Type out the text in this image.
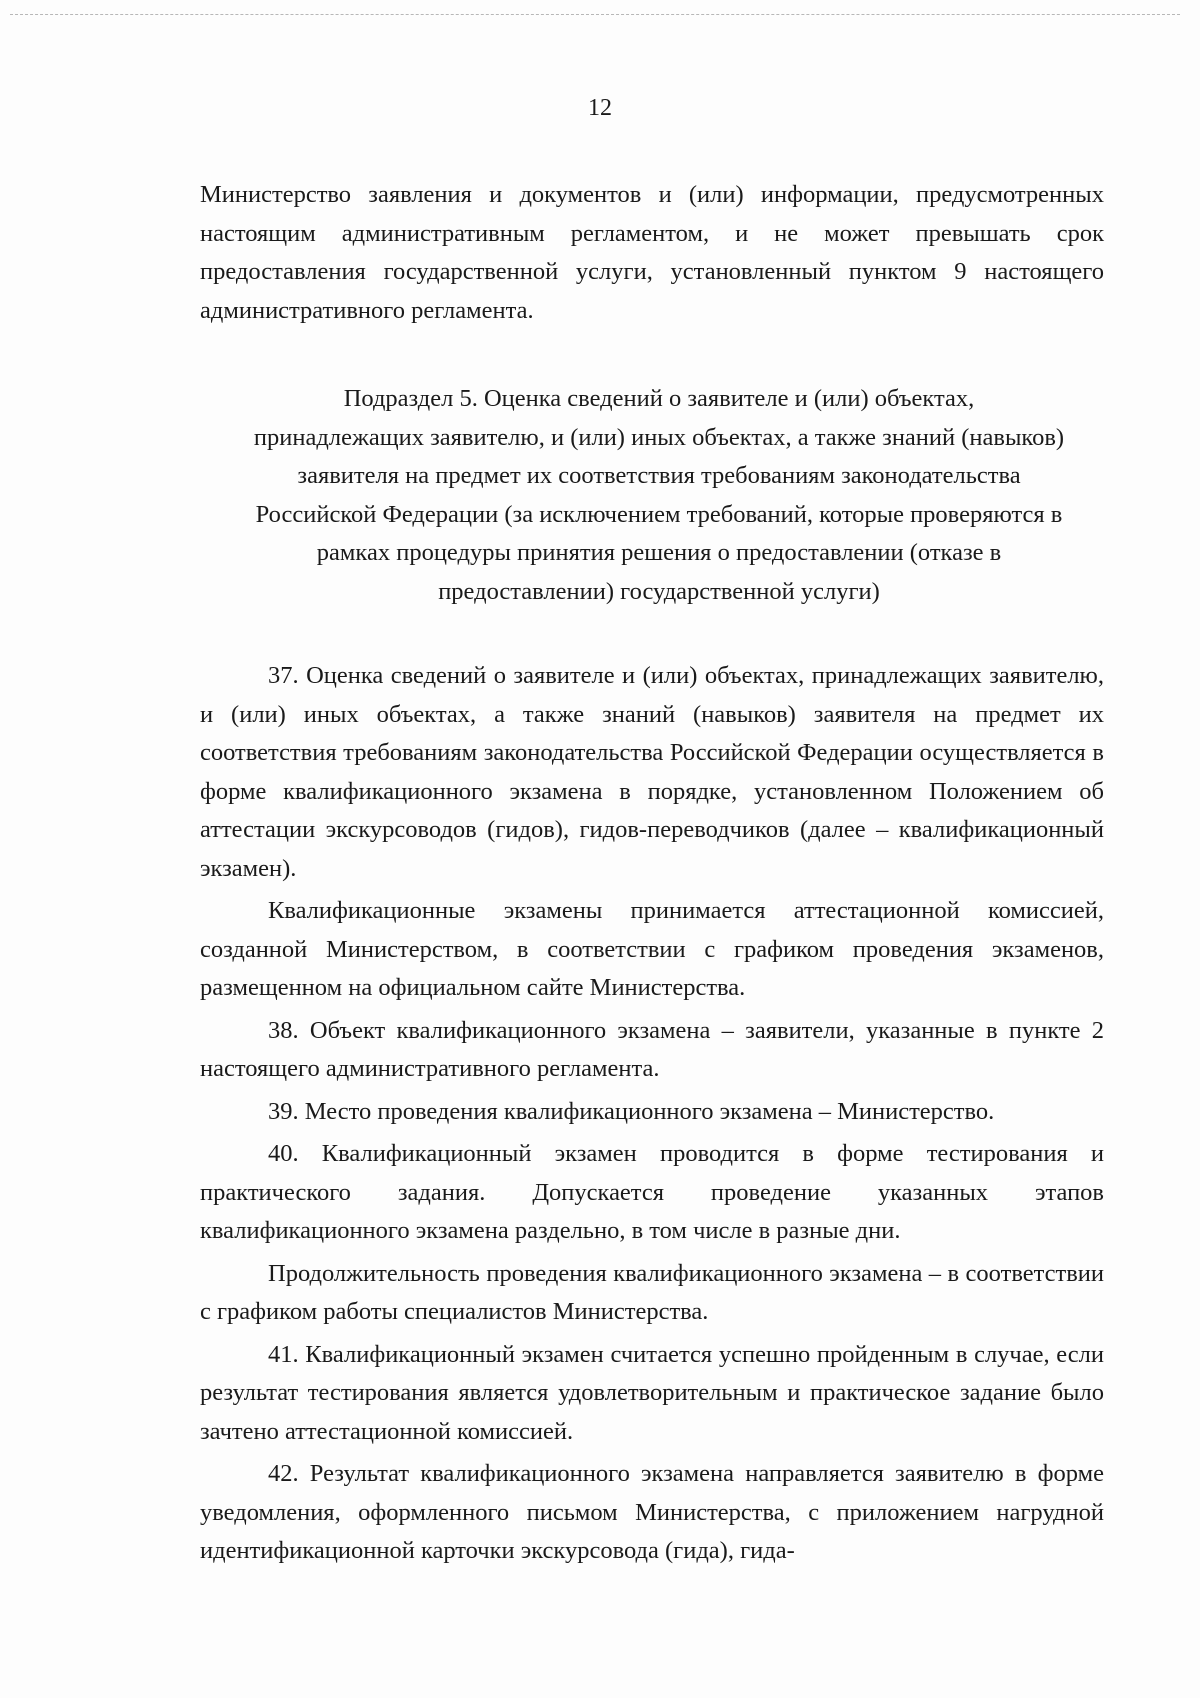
12

Министерство заявления и документов и (или) информации, предусмотренных настоящим административным регламентом, и не может превышать срок предоставления государственной услуги, установленный пунктом 9 настоящего административного регламента.

Подраздел 5. Оценка сведений о заявителе и (или) объектах,
принадлежащих заявителю, и (или) иных объектах, а также знаний (навыков)
заявителя на предмет их соответствия требованиям законодательства
Российской Федерации (за исключением требований, которые проверяются в
рамках процедуры принятия решения о предоставлении (отказе в
предоставлении) государственной услуги)

37. Оценка сведений о заявителе и (или) объектах, принадлежащих заявителю, и (или) иных объектах, а также знаний (навыков) заявителя на предмет их соответствия требованиям законодательства Российской Федерации осуществляется в форме квалификационного экзамена в порядке, установленном Положением об аттестации экскурсоводов (гидов), гидов-переводчиков (далее – квалификационный экзамен).

Квалификационные экзамены принимается аттестационной комиссией, созданной Министерством, в соответствии с графиком проведения экзаменов, размещенном на официальном сайте Министерства.

38. Объект квалификационного экзамена – заявители, указанные в пункте 2 настоящего административного регламента.

39. Место проведения квалификационного экзамена – Министерство.

40. Квалификационный экзамен проводится в форме тестирования и практического задания. Допускается проведение указанных этапов квалификационного экзамена раздельно, в том числе в разные дни.

Продолжительность проведения квалификационного экзамена – в соответствии с графиком работы специалистов Министерства.

41. Квалификационный экзамен считается успешно пройденным в случае, если результат тестирования является удовлетворительным и практическое задание было зачтено аттестационной комиссией.

42. Результат квалификационного экзамена направляется заявителю в форме уведомления, оформленного письмом Министерства, с приложением нагрудной идентификационной карточки экскурсовода (гида), гида-
